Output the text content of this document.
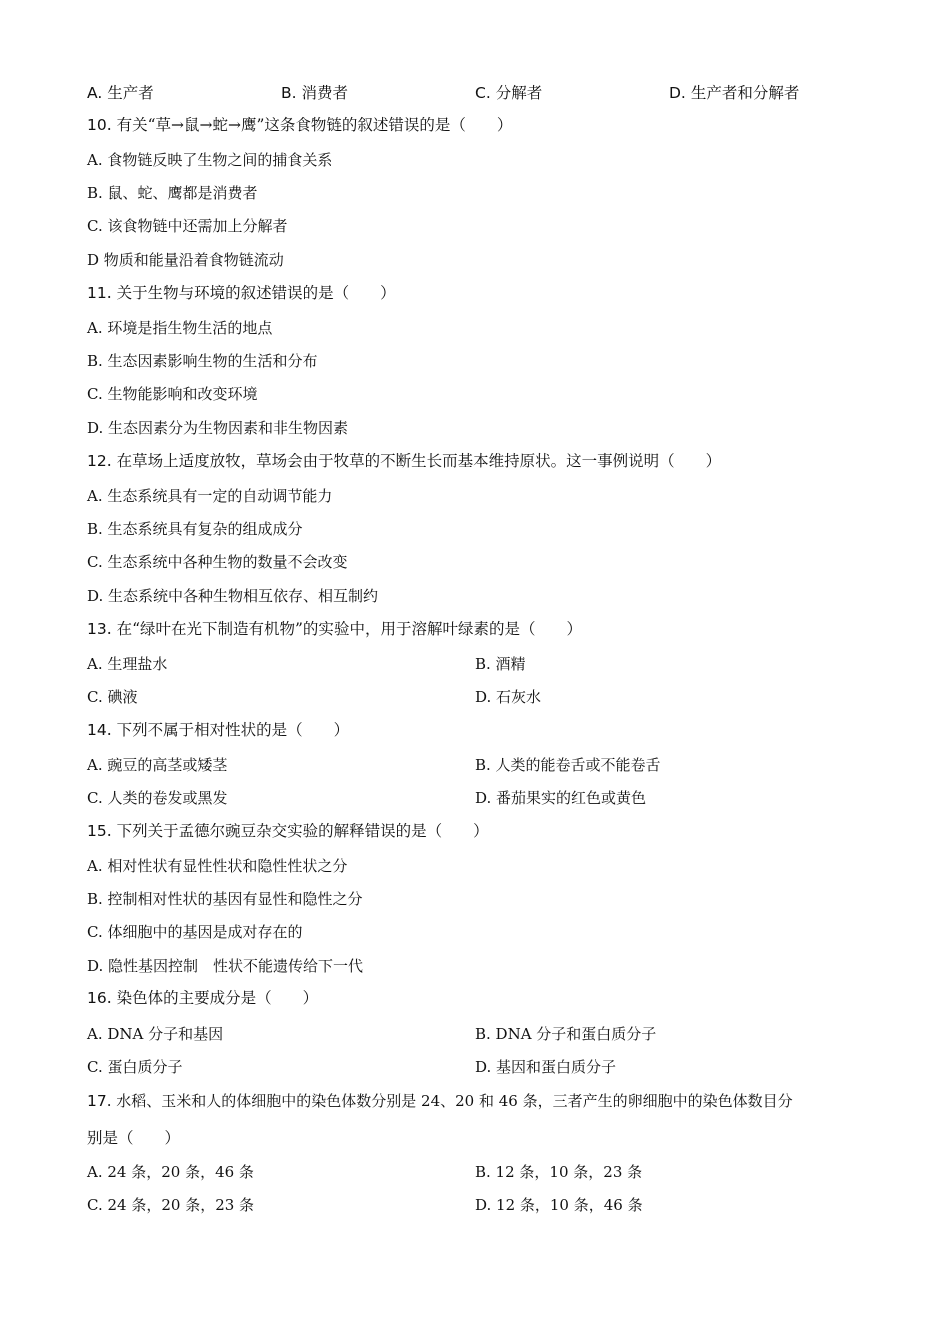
A. 生产者	B. 消费者	C. 分解者	D. 生产者和分解者
10. 有关“草→鼠→蛇→鹰”这条食物链的叙述错误的是（　　）
A. 食物链反映了生物之间的捕食关系
B. 鼠、蛇、鹰都是消费者
C. 该食物链中还需加上分解者
D 物质和能量沿着食物链流动
11. 关于生物与环境的叙述错误的是（　　）
A. 环境是指生物生活的地点
B. 生态因素影响生物的生活和分布
C. 生物能影响和改变环境
D. 生态因素分为生物因素和非生物因素
12. 在草场上适度放牧，草场会由于牧草的不断生长而基本维持原状。这一事例说明（　　）
A. 生态系统具有一定的自动调节能力
B. 生态系统具有复杂的组成成分
C. 生态系统中各种生物的数量不会改变
D. 生态系统中各种生物相互依存、相互制约
13. 在“绿叶在光下制造有机物”的实验中，用于溶解叶绿素的是（　　）
A. 生理盐水	B. 酒精
C. 碘液	D. 石灰水
14. 下列不属于相对性状的是（　　）
A. 豌豆的高茎或矮茎	B. 人类的能卷舌或不能卷舌
C. 人类的卷发或黑发	D. 番茄果实的红色或黄色
15. 下列关于孟德尔豌豆杂交实验的解释错误的是（　　）
A. 相对性状有显性性状和隐性性状之分
B. 控制相对性状的基因有显性和隐性之分
C. 体细胞中的基因是成对存在的
D. 隐性基因控制　性状不能遗传给下一代
16. 染色体的主要成分是（　　）
A. DNA 分子和基因	B. DNA 分子和蛋白质分子
C. 蛋白质分子	D. 基因和蛋白质分子
17. 水稻、玉米和人的体细胞中的染色体数分别是 24、20 和 46 条，三者产生的卵细胞中的染色体数目分
别是（　　）
A. 24 条，20 条，46 条	B. 12 条，10 条，23 条
C. 24 条，20 条，23 条	D. 12 条，10 条，46 条
